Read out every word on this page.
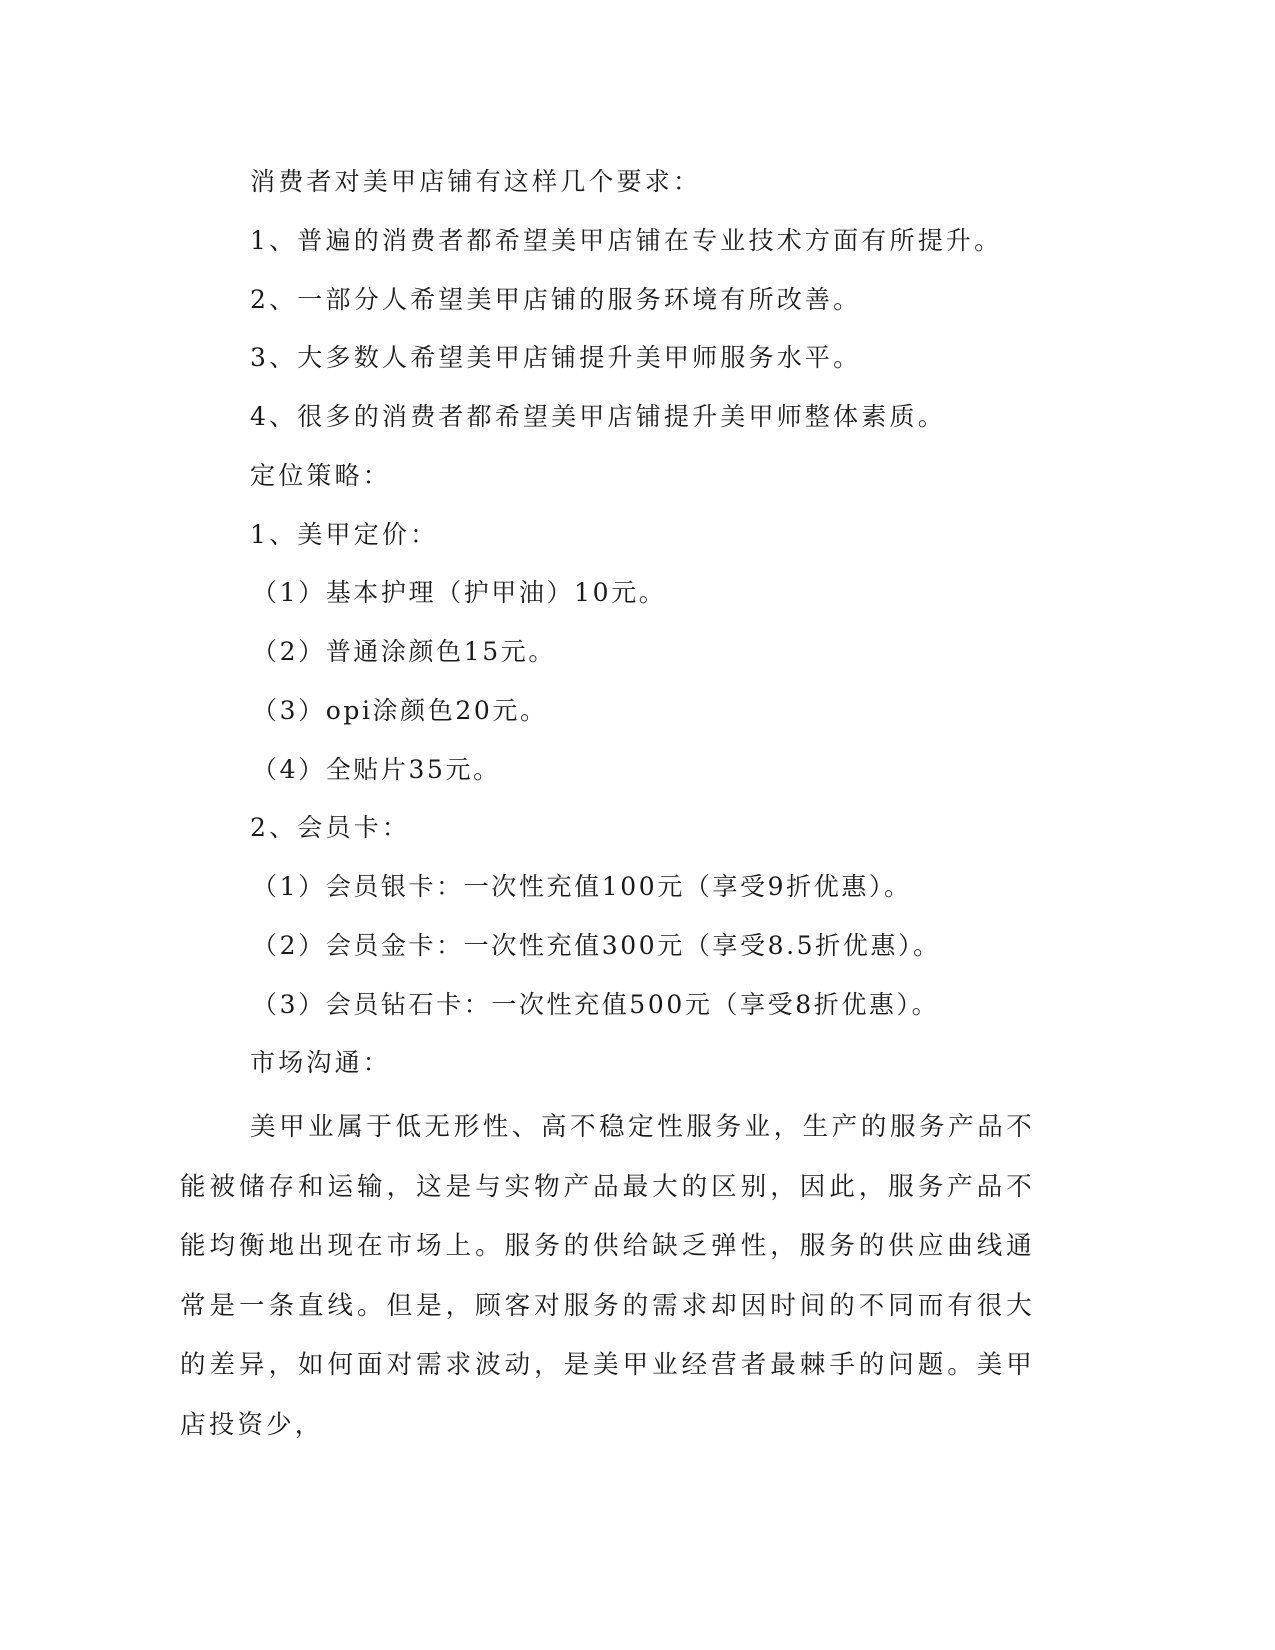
消费者对美甲店铺有这样几个要求：
1、普遍的消费者都希望美甲店铺在专业技术方面有所提升。
2、一部分人希望美甲店铺的服务环境有所改善。
3、大多数人希望美甲店铺提升美甲师服务水平。
4、很多的消费者都希望美甲店铺提升美甲师整体素质。
定位策略：
1、美甲定价：
（1）基本护理（护甲油）10元。
（2）普通涂颜色15元。
（3）opi涂颜色20元。
（4）全贴片35元。
2、会员卡：
（1）会员银卡：一次性充值100元（享受9折优惠）。
（2）会员金卡：一次性充值300元（享受8.5折优惠）。
（3）会员钻石卡：一次性充值500元（享受8折优惠）。
市场沟通：
美甲业属于低无形性、高不稳定性服务业，生产的服务产品不能被储存和运输，这是与实物产品最大的区别，因此，服务产品不能均衡地出现在市场上。服务的供给缺乏弹性，服务的供应曲线通常是一条直线。但是，顾客对服务的需求却因时间的不同而有很大的差异，如何面对需求波动，是美甲业经营者最棘手的问题。美甲店投资少，
